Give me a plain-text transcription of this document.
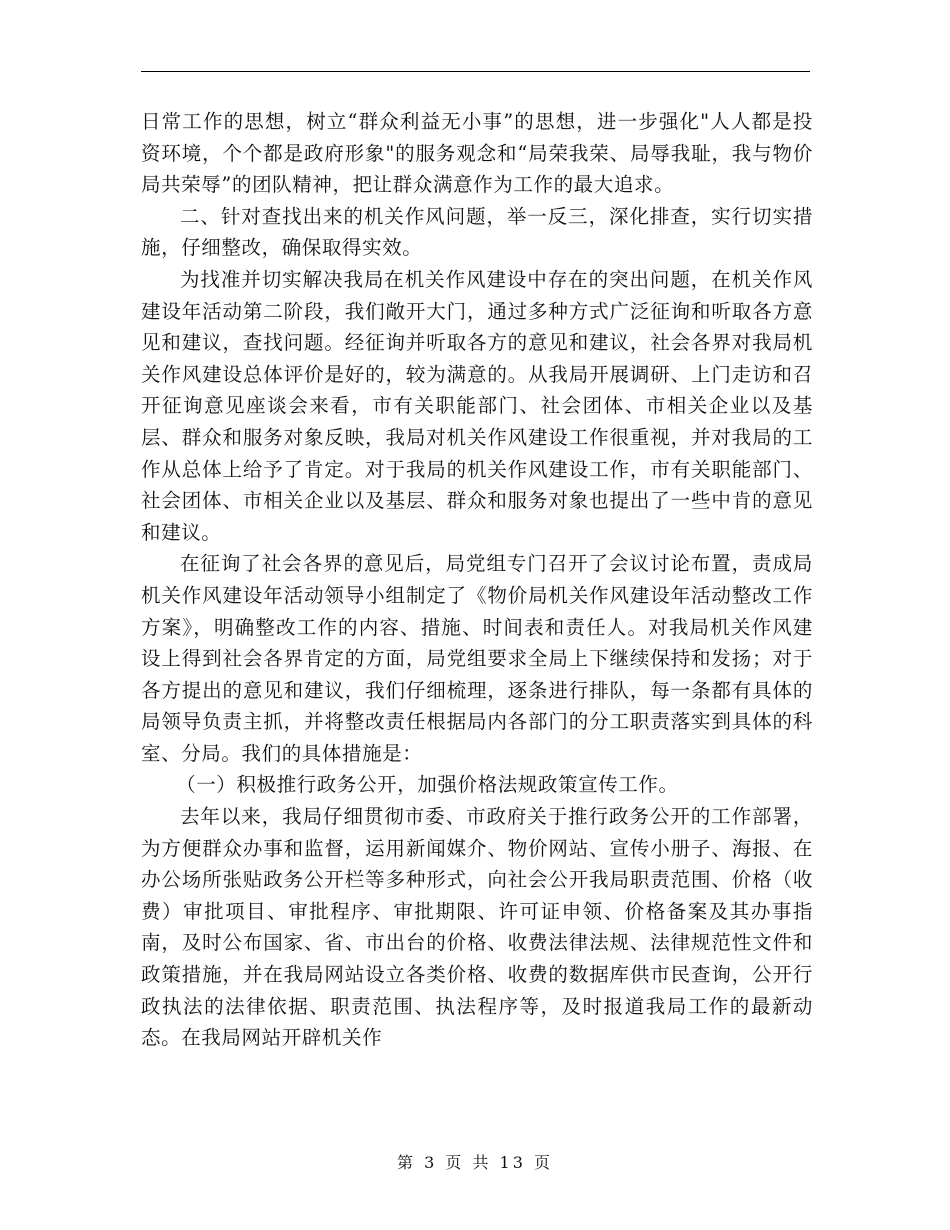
日常工作的思想，树立“群众利益无小事”的思想，进一步强化"人人都是投资环境，个个都是政府形象"的服务观念和“局荣我荣、局辱我耻，我与物价局共荣辱”的团队精神，把让群众满意作为工作的最大追求。

二、针对查找出来的机关作风问题，举一反三，深化排查，实行切实措施，仔细整改，确保取得实效。

为找准并切实解决我局在机关作风建设中存在的突出问题，在机关作风建设年活动第二阶段，我们敞开大门，通过多种方式广泛征询和听取各方意见和建议，查找问题。经征询并听取各方的意见和建议，社会各界对我局机关作风建设总体评价是好的，较为满意的。从我局开展调研、上门走访和召开征询意见座谈会来看，市有关职能部门、社会团体、市相关企业以及基层、群众和服务对象反映，我局对机关作风建设工作很重视，并对我局的工作从总体上给予了肯定。对于我局的机关作风建设工作，市有关职能部门、社会团体、市相关企业以及基层、群众和服务对象也提出了一些中肯的意见和建议。

在征询了社会各界的意见后，局党组专门召开了会议讨论布置，责成局机关作风建设年活动领导小组制定了《物价局机关作风建设年活动整改工作方案》，明确整改工作的内容、措施、时间表和责任人。对我局机关作风建设上得到社会各界肯定的方面，局党组要求全局上下继续保持和发扬；对于各方提出的意见和建议，我们仔细梳理，逐条进行排队，每一条都有具体的局领导负责主抓，并将整改责任根据局内各部门的分工职责落实到具体的科室、分局。我们的具体措施是：

（一）积极推行政务公开，加强价格法规政策宣传工作。

去年以来，我局仔细贯彻市委、市政府关于推行政务公开的工作部署，为方便群众办事和监督，运用新闻媒介、物价网站、宣传小册子、海报、在办公场所张贴政务公开栏等多种形式，向社会公开我局职责范围、价格（收费）审批项目、审批程序、审批期限、许可证申领、价格备案及其办事指南，及时公布国家、省、市出台的价格、收费法律法规、法律规范性文件和政策措施，并在我局网站设立各类价格、收费的数据库供市民查询，公开行政执法的法律依据、职责范围、执法程序等，及时报道我局工作的最新动态。在我局网站开辟机关作

第 3 页 共 13 页
